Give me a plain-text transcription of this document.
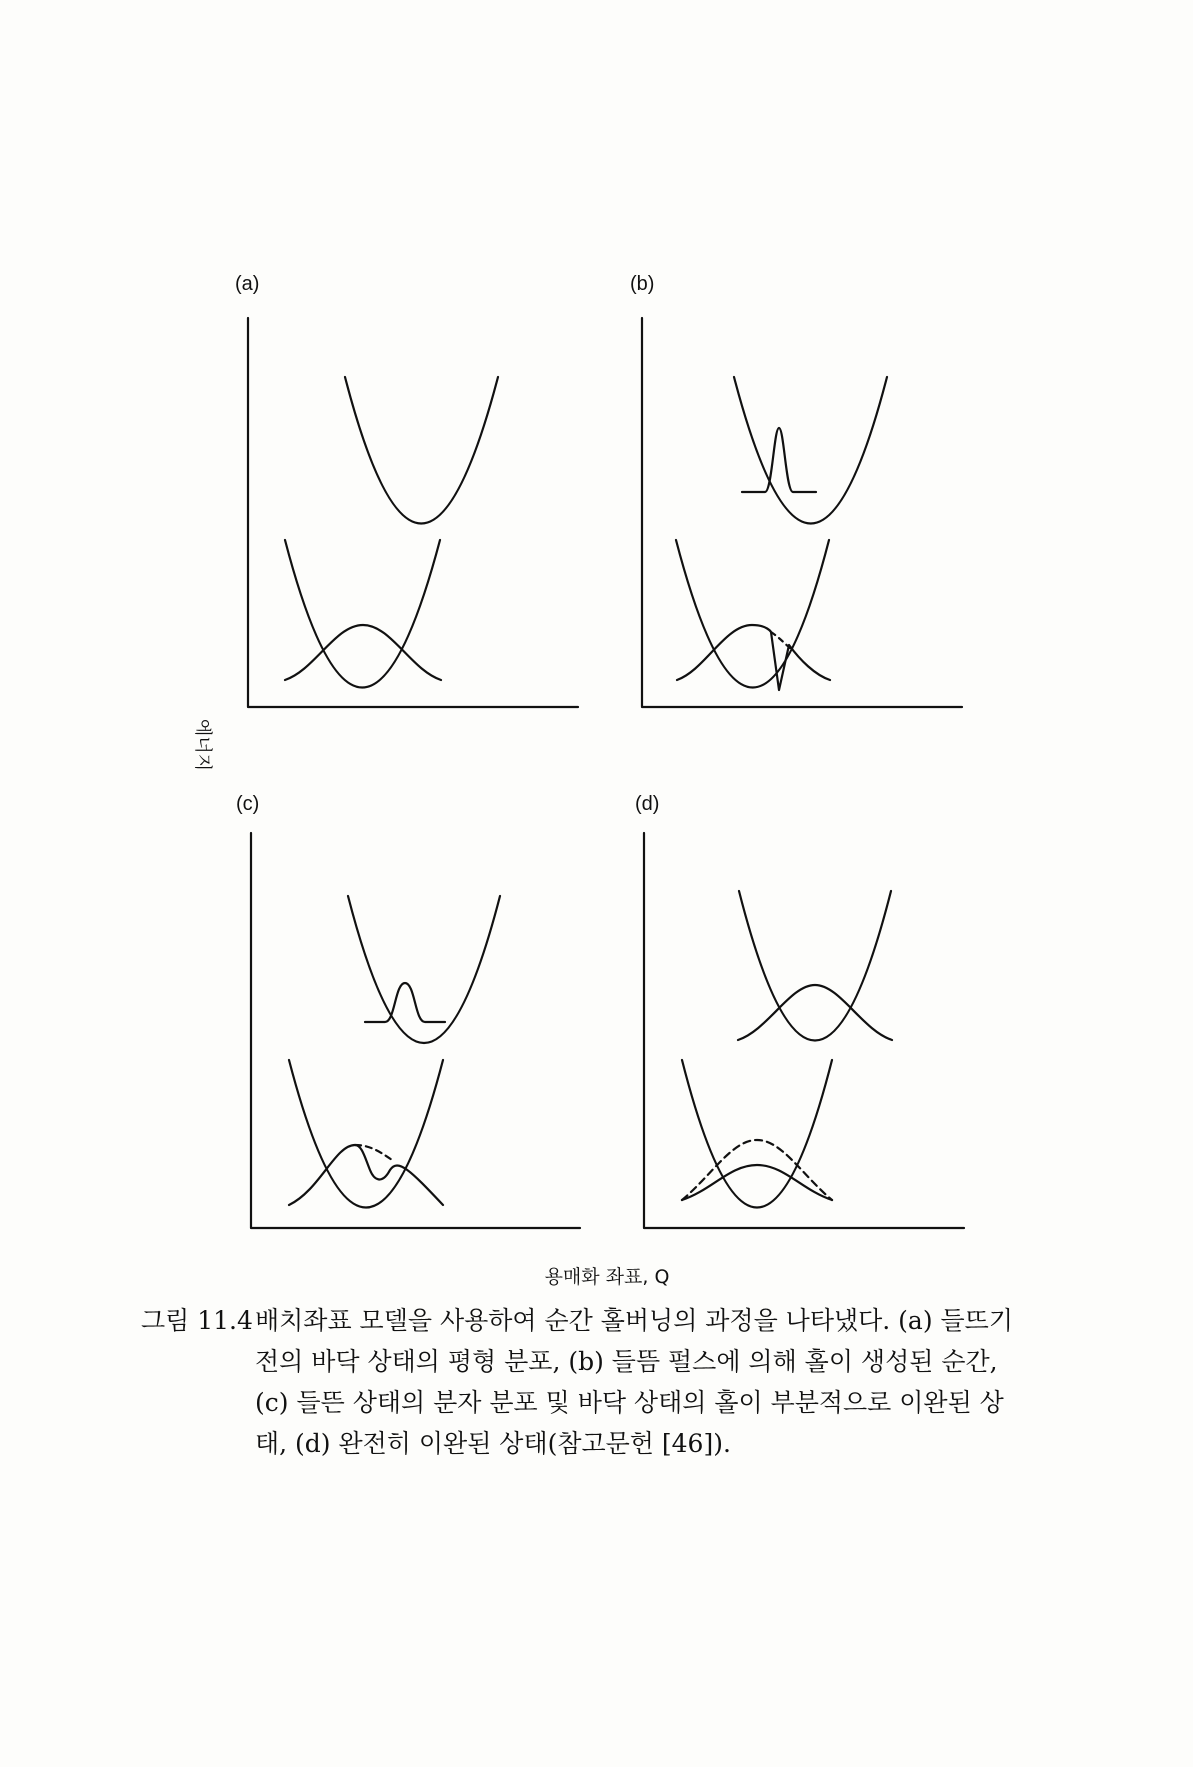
(a)	(b)
(c)	(d)
에너지
용매화 좌표, Q
그림 11.4 배치좌표 모델을 사용하여 순간 홀버닝의 과정을 나타냈다. (a) 들뜨기
전의 바닥 상태의 평형 분포, (b) 들뜸 펄스에 의해 홀이 생성된 순간,
(c) 들뜬 상태의 분자 분포 및 바닥 상태의 홀이 부분적으로 이완된 상
태, (d) 완전히 이완된 상태(참고문헌 [46]).
